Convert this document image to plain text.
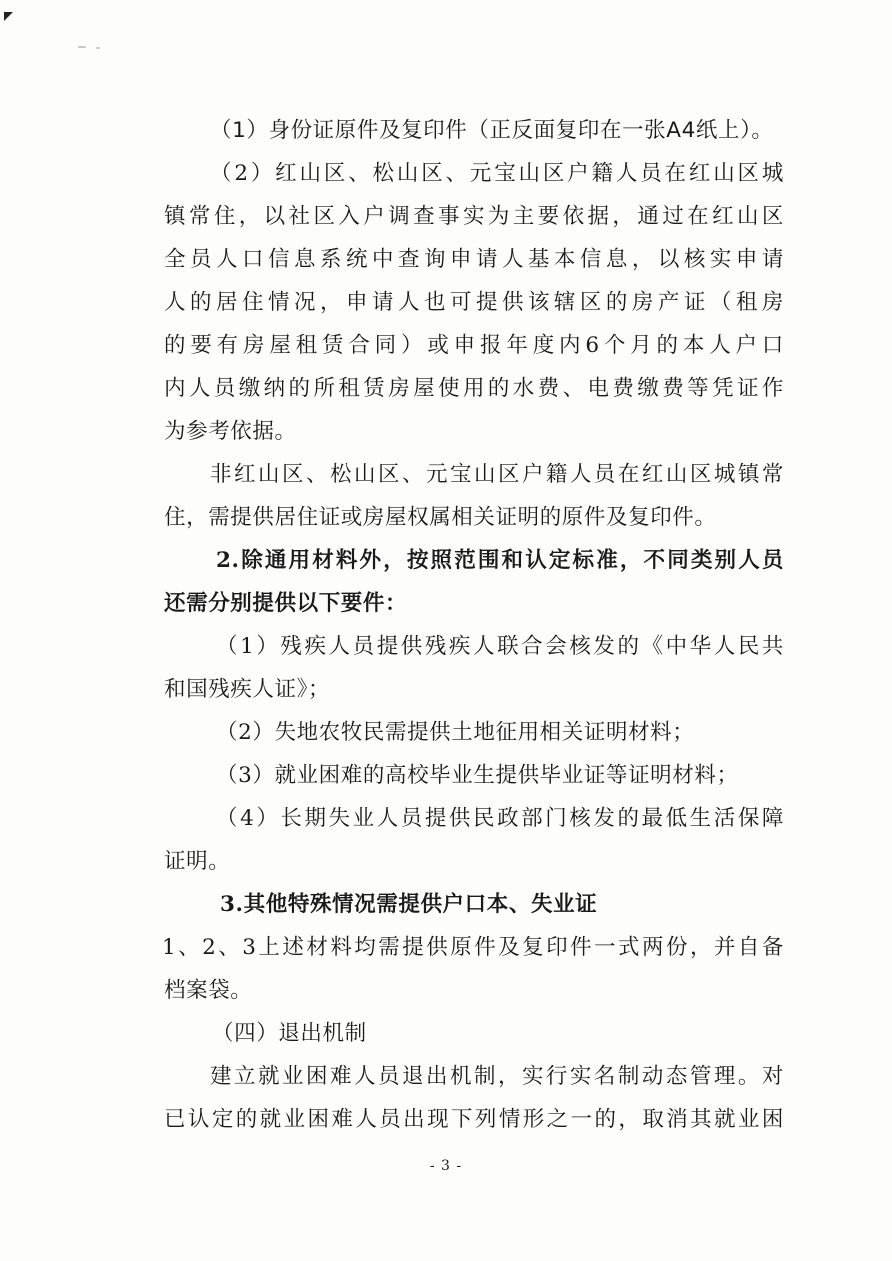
（1）身份证原件及复印件（正反面复印在一张A4纸上）。
（2）红山区、松山区、元宝山区户籍人员在红山区城
镇常住，以社区入户调查事实为主要依据，通过在红山区
全员人口信息系统中查询申请人基本信息，以核实申请
人的居住情况，申请人也可提供该辖区的房产证（租房
的要有房屋租赁合同）或申报年度内6个月的本人户口
内人员缴纳的所租赁房屋使用的水费、电费缴费等凭证作
为参考依据。
非红山区、松山区、元宝山区户籍人员在红山区城镇常
住，需提供居住证或房屋权属相关证明的原件及复印件。
2.除通用材料外，按照范围和认定标准，不同类别人员
还需分别提供以下要件：
（1）残疾人员提供残疾人联合会核发的《中华人民共
和国残疾人证》；
（2）失地农牧民需提供土地征用相关证明材料；
（3）就业困难的高校毕业生提供毕业证等证明材料；
（4）长期失业人员提供民政部门核发的最低生活保障
证明。
3.其他特殊情况需提供户口本、失业证
1、2、3上述材料均需提供原件及复印件一式两份，并自备
档案袋。
（四）退出机制
建立就业困难人员退出机制，实行实名制动态管理。对
已认定的就业困难人员出现下列情形之一的，取消其就业困
- 3 -
